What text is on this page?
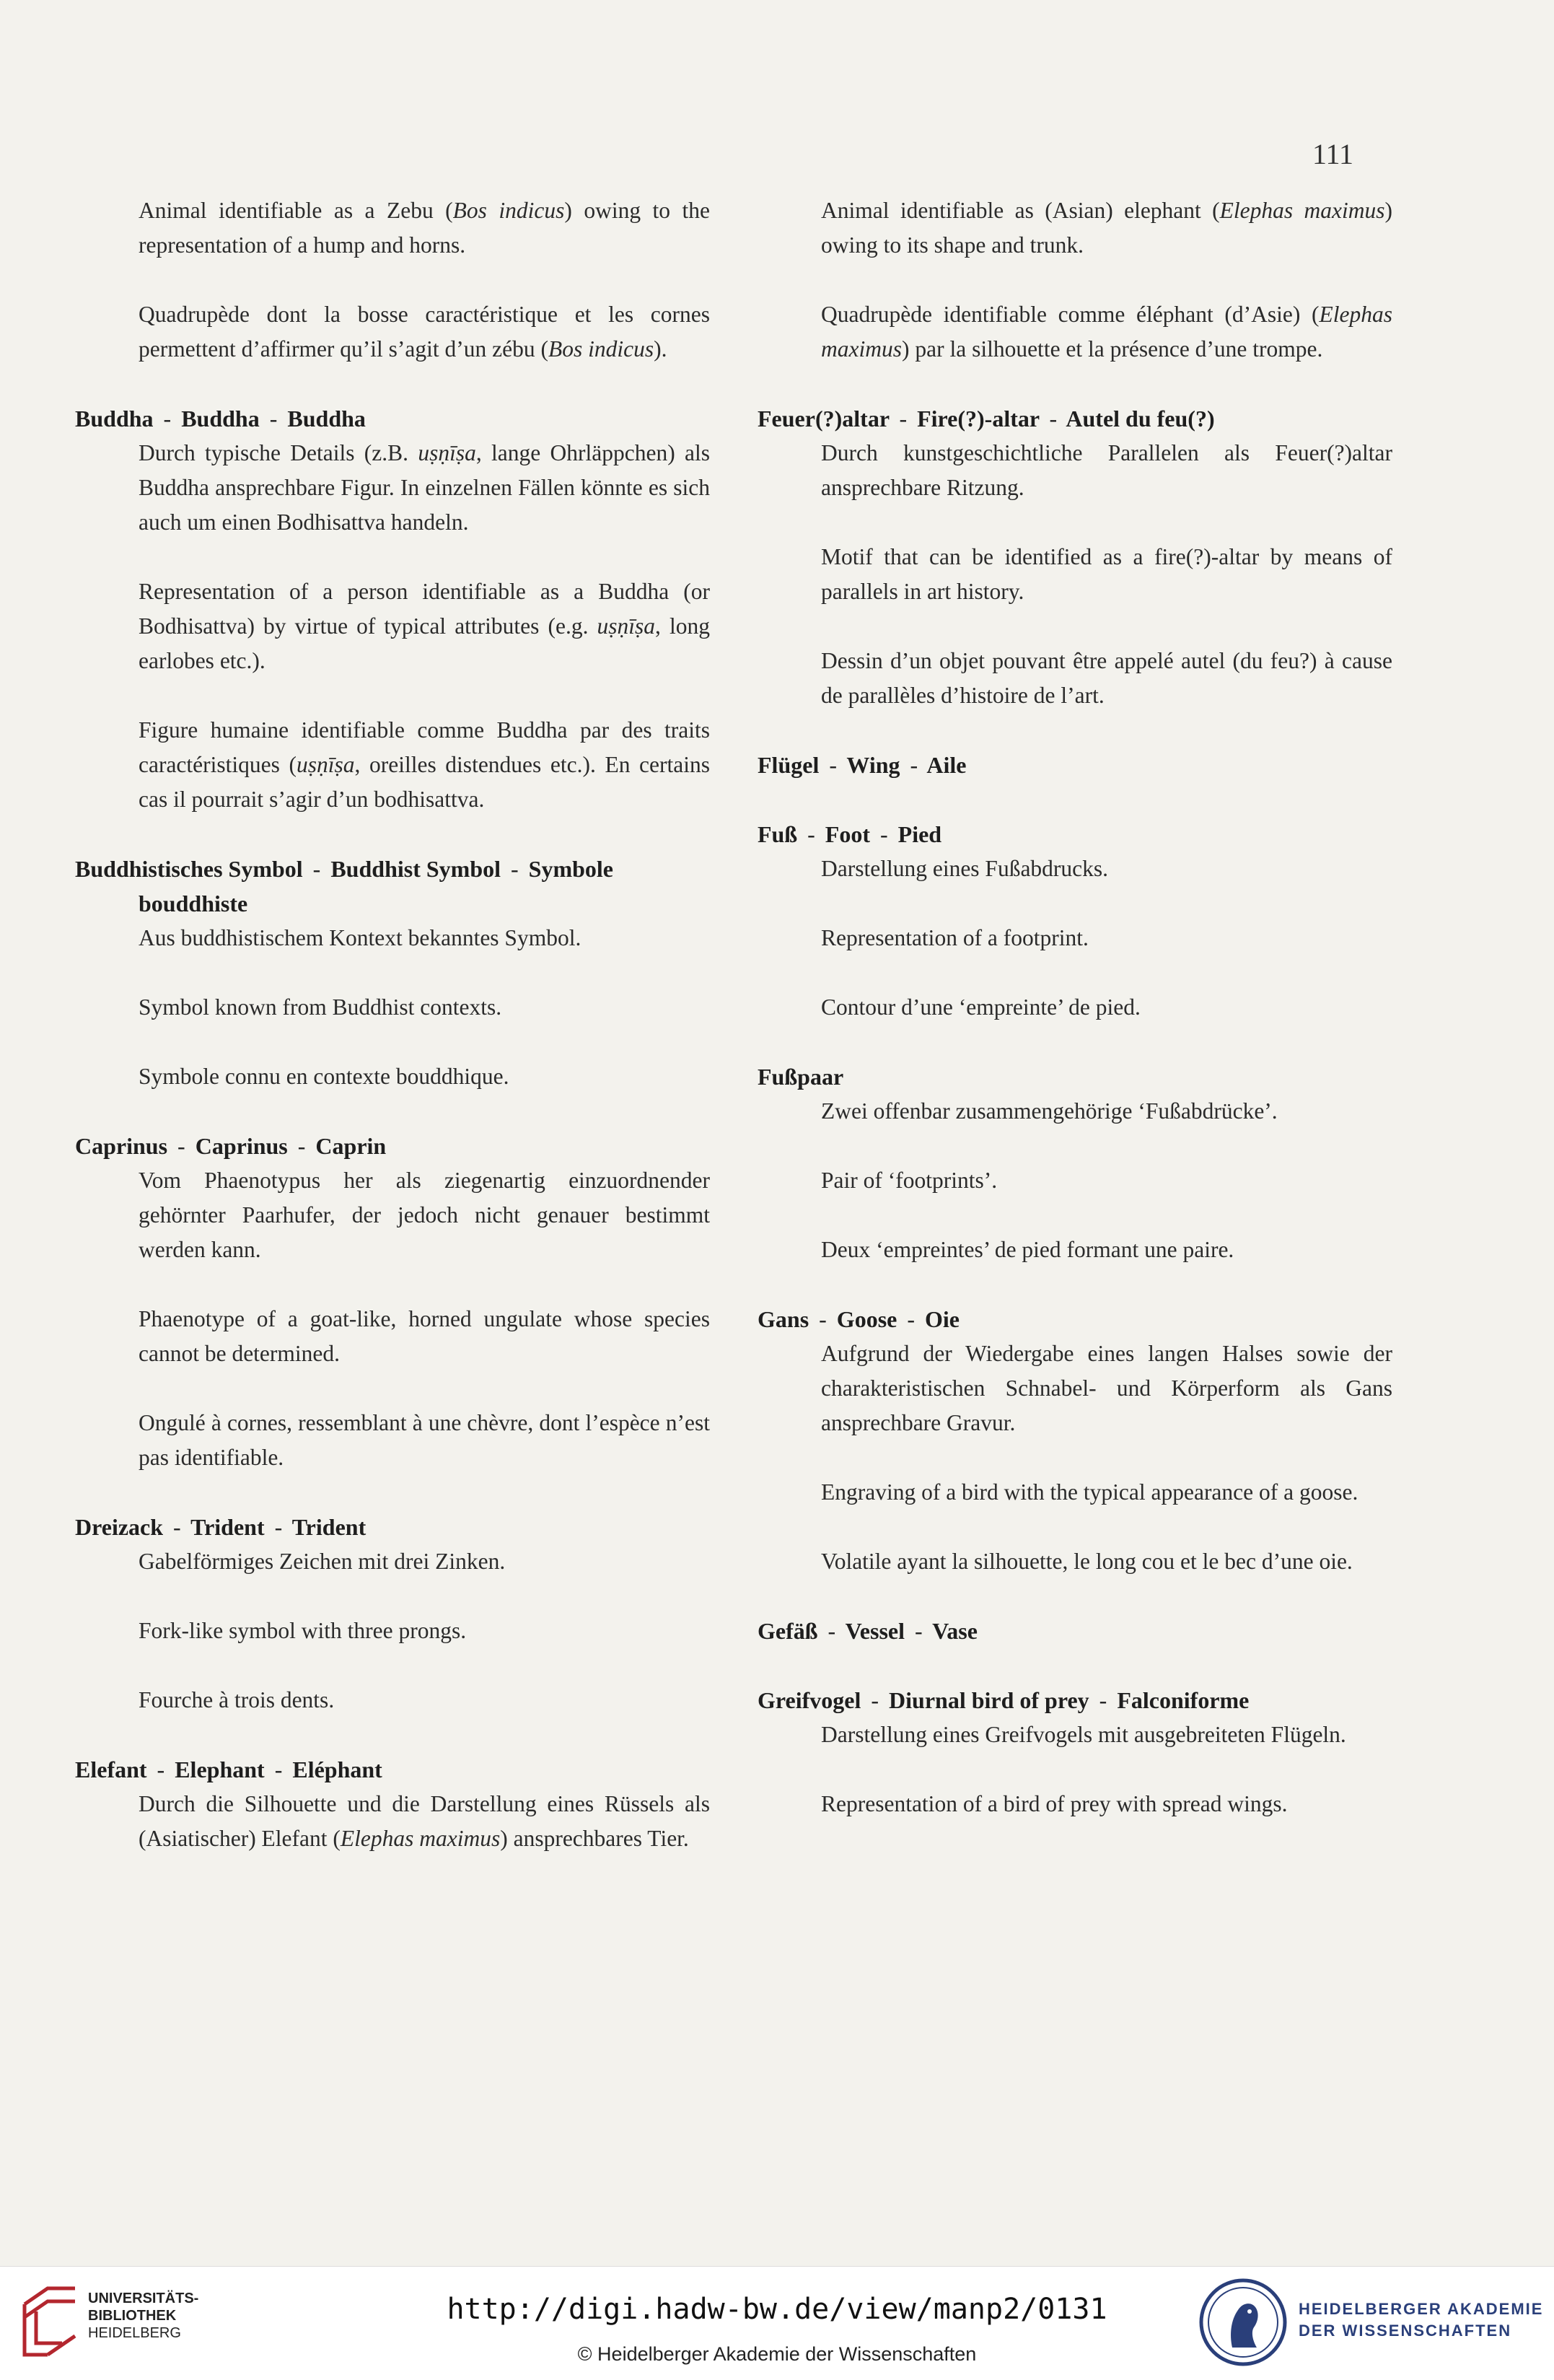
111

Animal identifiable as a Zebu (Bos indicus) owing to the representation of a hump and horns.

Quadrupède dont la bosse caractéristique et les cornes permettent d’affirmer qu’il s’agit d’un zébu (Bos indicus).

Buddha - Buddha - Buddha

Durch typische Details (z.B. uṣṇīṣa, lange Ohrläppchen) als Buddha ansprechbare Figur. In einzelnen Fällen könnte es sich auch um einen Bodhisattva handeln.

Representation of a person identifiable as a Buddha (or Bodhisattva) by virtue of typical attributes (e.g. uṣṇīṣa, long earlobes etc.).

Figure humaine identifiable comme Buddha par des traits caractéristiques (uṣṇīṣa, oreilles distendues etc.). En certains cas il pourrait s’agir d’un bodhisattva.

Buddhistisches Symbol - Buddhist Symbol - Symbole bouddhiste

Aus buddhistischem Kontext bekanntes Symbol.

Symbol known from Buddhist contexts.

Symbole connu en contexte bouddhique.

Caprinus - Caprinus - Caprin

Vom Phaenotypus her als ziegenartig einzuordnender gehörnter Paarhufer, der jedoch nicht genauer bestimmt werden kann.

Phaenotype of a goat-like, horned ungulate whose species cannot be determined.

Ongulé à cornes, ressemblant à une chèvre, dont l’espèce n’est pas identifiable.

Dreizack - Trident - Trident

Gabelförmiges Zeichen mit drei Zinken.

Fork-like symbol with three prongs.

Fourche à trois dents.

Elefant - Elephant - Eléphant

Durch die Silhouette und die Darstellung eines Rüssels als (Asiatischer) Elefant (Elephas maximus) ansprechbares Tier.

Animal identifiable as (Asian) elephant (Elephas maximus) owing to its shape and trunk.

Quadrupède identifiable comme éléphant (d’Asie) (Elephas maximus) par la silhouette et la présence d’une trompe.

Feuer(?)altar - Fire(?)-altar - Autel du feu(?)

Durch kunstgeschichtliche Parallelen als Feuer(?)altar ansprechbare Ritzung.

Motif that can be identified as a fire(?)-altar by means of parallels in art history.

Dessin d’un objet pouvant être appelé autel (du feu?) à cause de parallèles d’histoire de l’art.

Flügel - Wing - Aile
Fuß - Foot - Pied

Darstellung eines Fußabdrucks.

Representation of a footprint.

Contour d’une ‘empreinte’ de pied.

Fußpaar

Zwei offenbar zusammengehörige ‘Fußabdrücke’.

Pair of ‘footprints’.

Deux ‘empreintes’ de pied formant une paire.

Gans - Goose - Oie

Aufgrund der Wiedergabe eines langen Halses sowie der charakteristischen Schnabel- und Körperform als Gans ansprechbare Gravur.

Engraving of a bird with the typical appearance of a goose.

Volatile ayant la silhouette, le long cou et le bec d’une oie.

Gefäß - Vessel - Vase
Greifvogel - Diurnal bird of prey - Falconiforme

Darstellung eines Greifvogels mit ausgebreiteten Flügeln.

Representation of a bird of prey with spread wings.

UNIVERSITÄTS-
BIBLIOTHEK
HEIDELBERG
http://digi.hadw-bw.de/view/manp2/0131
© Heidelberger Akademie der Wissenschaften
HEIDELBERGER AKADEMIE
DER WISSENSCHAFTEN
